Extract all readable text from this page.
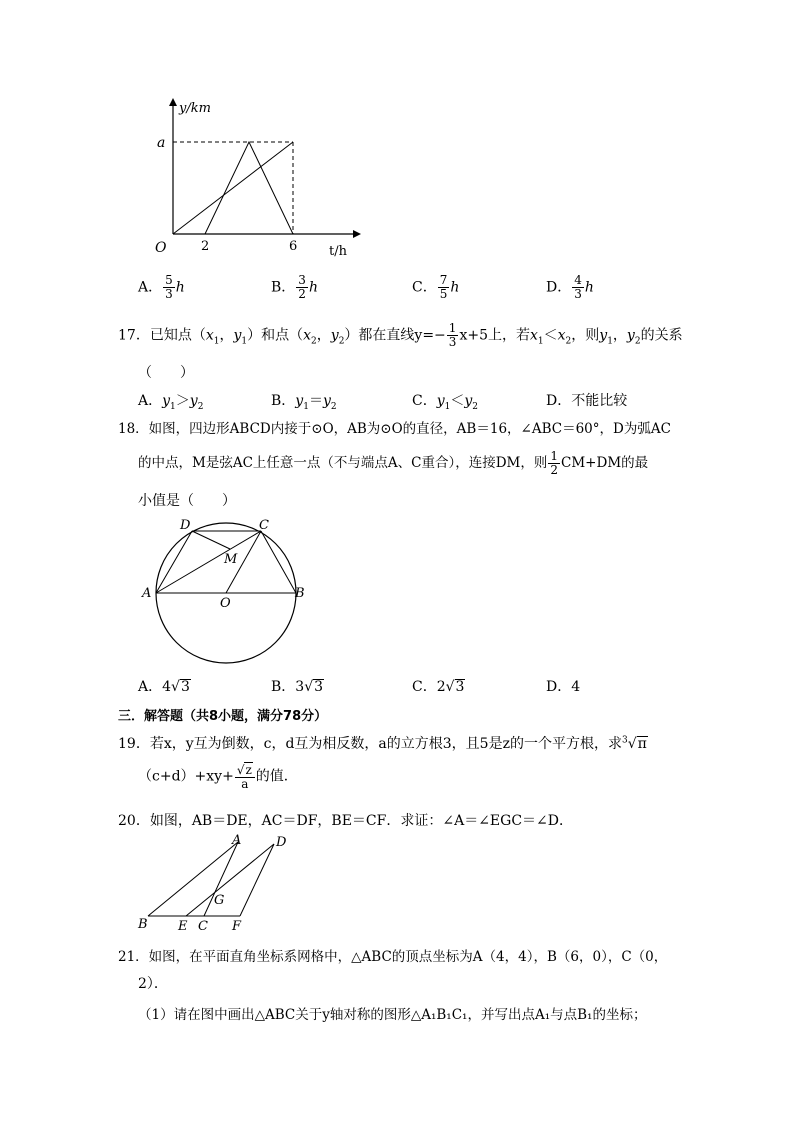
y/km
a
O	2	6 t/h
A． $\frac{5}{3}$ h	B． $\frac{3}{2}$ h	C． $\frac{7}{5}$ h	D． $\frac{4}{3}$ h
17．已知点（$x_1$，$y_1$）和点（$x_2$，$y_2$）都在直线$y=- \frac{1}{3} x+5$上，若$x_1<x_2$，则$y_1$，$y_2$的关系
（　　）
A．$y_1>y_2$	B．$y_1=y_2$	C．$y_1<y_2$	D．不能比较
18．如图，四边形ABCD内接于⊙O，AB为⊙O的直径，AB＝16，∠ABC＝60°，D为弧AC
的中点，M是弦AC上任意一点（不与端点A、C重合），连接DM，则 $\frac{1}{2} CM+DM$的最
小值是（　　）
D	C
M
A
O
B
A．4√3	B．3√3	C．2√3	D．4
三．解答题（共8小题，满分78分）
19．若x，y互为倒数，c，d互为相反数，a的立方根3，且5是z的一个平方根，求$^3$√π
$(c+d)+xy+ \frac{√z}{a}$ 的值．
20．如图，AB＝DE，AC＝DF，BE＝CF．求证：∠A＝∠EGC＝∠D．
A	D
G
B E C F
21．如图，在平面直角坐标系网格中，△ABC的顶点坐标为A（4，4），B（6，0），C（0，
2）．
（1）请在图中画出△ABC关于y轴对称的图形△A₁B₁C₁，并写出点A₁与点B₁的坐标；
